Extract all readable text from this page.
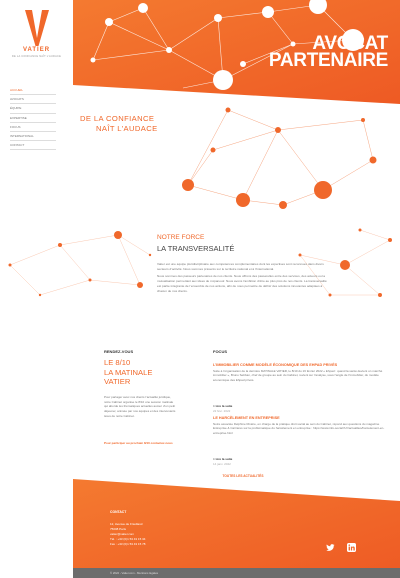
AVOCAT
PARTENAIRE
VATIER
DE LA CONFIANCE NAÎT L’AUDACE
ACCUEIL
AVOCATS
ÉQUIPE
EXPERTISE
FOCUS
INTERNATIONAL
CONTACT
DE LA CONFIANCE
NAÎT L’AUDACE
NOTRE FORCE
LA TRANSVERSALITÉ
Vatier est une équipe pluridisciplinaire aux compétences complémentaires dont les expertises sont reconnues dans divers secteurs d’activité. Nous sommes présents sur le territoire national et à l’international.
Nous sommes des passeurs partenaires de nos clients. Nous offrons des passerelles entre des services, des acteurs ou la mutualisation permettant aux idées de s’épanouir. Nous avons l’ambition d’être au plus près de nos clients. La transversalité est partie intégrante de l’ensemble de nos actions, afin de nous permettre de définir des solutions innovantes adaptées à chacun de nos clients.
RENDEZ-VOUS
LE 8/10
LA MATINALE
VATIER
Pour partager avec nos clients l’actualité juridique, notre Cabinet organise le 8/10 une session matinale qui aborde les thématiques actuelles autour d’un petit déjeuner, animée par nos équipes et des intervenants issus de notre Cabinet.
Pour participer au prochain 8/10 contactez-nous
FOCUS
L’IMMOBILIER COMME MODÈLE ÉCONOMIQUE DES EHPAD PRIVÉS
Suite à l’organisation de la dernière MATINALE VATIER, le 8/10 du 16 février 2022 « Ehpad : quand la santé devient un marché immobilier », Bruno Sebban, chef de groupe au sein du Cabinet, revient sur l’analyse, sous l’angle de l’immobilier, du modèle économique des Ehpad privés.
> Lire la suite
22 févr. 2022
LE HARCÈLEMENT EN ENTREPRISE
Notre associée Delphine Rivière, en charge de la pratique droit social au sein du Cabinet, répond aux questions du magazine Entreprise & Carrières sur la problématique du harcèlement en entreprise : https://www.info-socialrh.fr/actualites/harcelement-en-entreprise.html
> Lire la suite
14 janv. 2022
TOUTES LES ACTUALITÉS
CONTACT
12, Avenue de Friedland
75008 Paris
vatier@vatier.com
Tél. : +33 (0)1 53 43 15 34
Fax : +33 (0)1 53 43 15 78
© 2022 - Vatier.com - Mentions légales
